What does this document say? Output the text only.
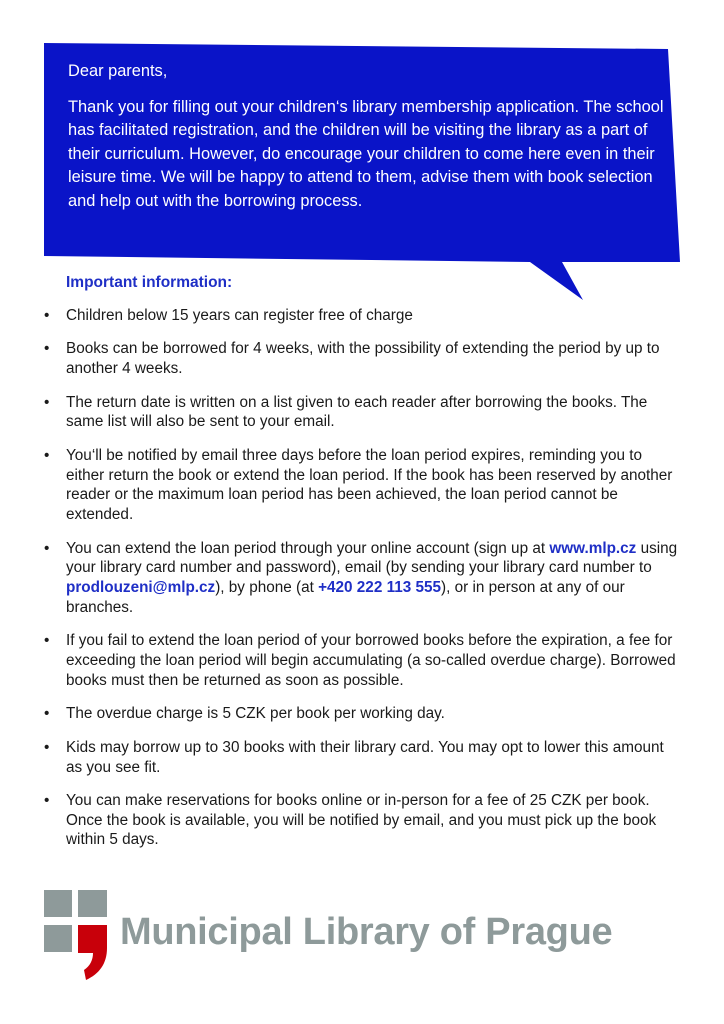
Dear parents,

Thank you for filling out your children‘s library membership application. The school has facilitated registration, and the children will be visiting the library as a part of their curriculum. However, do encourage your children to come here even in their leisure time. We will be happy to attend to them, advise them with book selection and help out with the borrowing process.

Important information:
• Children below 15 years can register free of charge
• Books can be borrowed for 4 weeks, with the possibility of extending the period by up to another 4 weeks.
• The return date is written on a list given to each reader after borrowing the books. The same list will also be sent to your email.
• You‘ll be notified by email three days before the loan period expires, reminding you to either return the book or extend the loan period. If the book has been reserved by another reader or the maximum loan period has been achieved, the loan period cannot be extended.
• You can extend the loan period through your online account (sign up at www.mlp.cz using your library card number and password), email (by sending your library card number to prodlouzeni@mlp.cz), by phone (at +420 222 113 555), or in person at any of our branches.
• If you fail to extend the loan period of your borrowed books before the expiration, a fee for exceeding the loan period will begin accumulating (a so-called overdue charge). Borrowed books must then be returned as soon as possible.
• The overdue charge is 5 CZK per book per working day.
• Kids may borrow up to 30 books with their library card. You may opt to lower this amount as you see fit.
• You can make reservations for books online or in-person for a fee of 25 CZK per book. Once the book is available, you will be notified by email, and you must pick up the book within 5 days.
Municipal Library of Prague
